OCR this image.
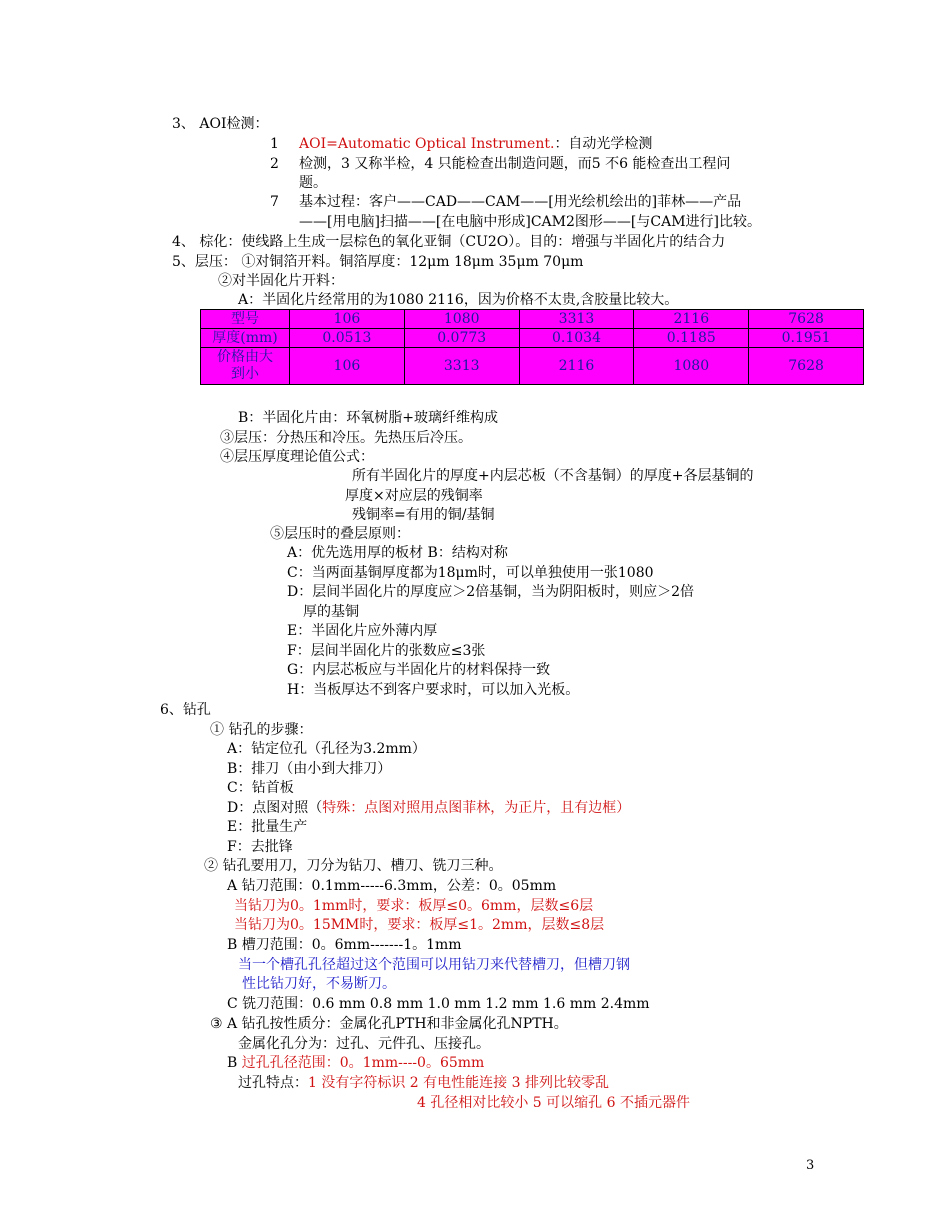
3、 AOI检测：
1 AOI=Automatic Optical Instrument.：自动光学检测
2 检测，3 又称半检，4 只能检查出制造问题，而5 不6 能检查出工程问
题。
7 基本过程：客户——CAD——CAM——[用光绘机绘出的]菲林——产品
——[用电脑]扫描——[在电脑中形成]CAM2图形——[与CAM进行]比较。
4、 棕化：使线路上生成一层棕色的氧化亚铜（CU2O）。目的：增强与半固化片的结合力
5、层压： ①对铜箔开料。铜箔厚度：12μm 18μm 35μm 70μm
②对半固化片开料：
A：半固化片经常用的为1080 2116，因为价格不太贵,含胶量比较大。
型号	106	1080	3313	2116	7628
厚度(mm)	0.0513	0.0773	0.1034	0.1185	0.1951
价格由大
到小	106	3313	2116	1080	7628
B：半固化片由：环氧树脂+玻璃纤维构成
③层压：分热压和冷压。先热压后冷压。
④层压厚度理论值公式：
所有半固化片的厚度+内层芯板（不含基铜）的厚度+各层基铜的
厚度×对应层的残铜率
残铜率=有用的铜/基铜
⑤层压时的叠层原则：
A：优先选用厚的板材 B：结构对称
C：当两面基铜厚度都为18μm时，可以单独使用一张1080
D：层间半固化片的厚度应＞2倍基铜，当为阴阳板时，则应＞2倍
厚的基铜
E：半固化片应外薄内厚
F：层间半固化片的张数应≤3张
G：内层芯板应与半固化片的材料保持一致
H：当板厚达不到客户要求时，可以加入光板。
6、钻孔
① 钻孔的步骤：
A：钻定位孔（孔径为3.2mm）
B：排刀（由小到大排刀）
C：钻首板
D：点图对照（特殊：点图对照用点图菲林，为正片，且有边框）
E：批量生产
F：去批锋
② 钻孔要用刀，刀分为钻刀、槽刀、铣刀三种。
A 钻刀范围：0.1mm-----6.3mm，公差：0。05mm
当钻刀为0。1mm时，要求：板厚≤0。6mm，层数≤6层
当钻刀为0。15MM时，要求：板厚≤1。2mm，层数≤8层
B 槽刀范围：0。6mm-------1。1mm
当一个槽孔孔径超过这个范围可以用钻刀来代替槽刀，但槽刀钢
性比钻刀好，不易断刀。
C 铣刀范围：0.6 mm 0.8 mm 1.0 mm 1.2 mm 1.6 mm 2.4mm
③ A 钻孔按性质分：金属化孔PTH和非金属化孔NPTH。
金属化孔分为：过孔、元件孔、压接孔。
B 过孔孔径范围：0。1mm----0。65mm
过孔特点：1 没有字符标识 2 有电性能连接 3 排列比较零乱
4 孔径相对比较小 5 可以缩孔 6 不插元器件
3
